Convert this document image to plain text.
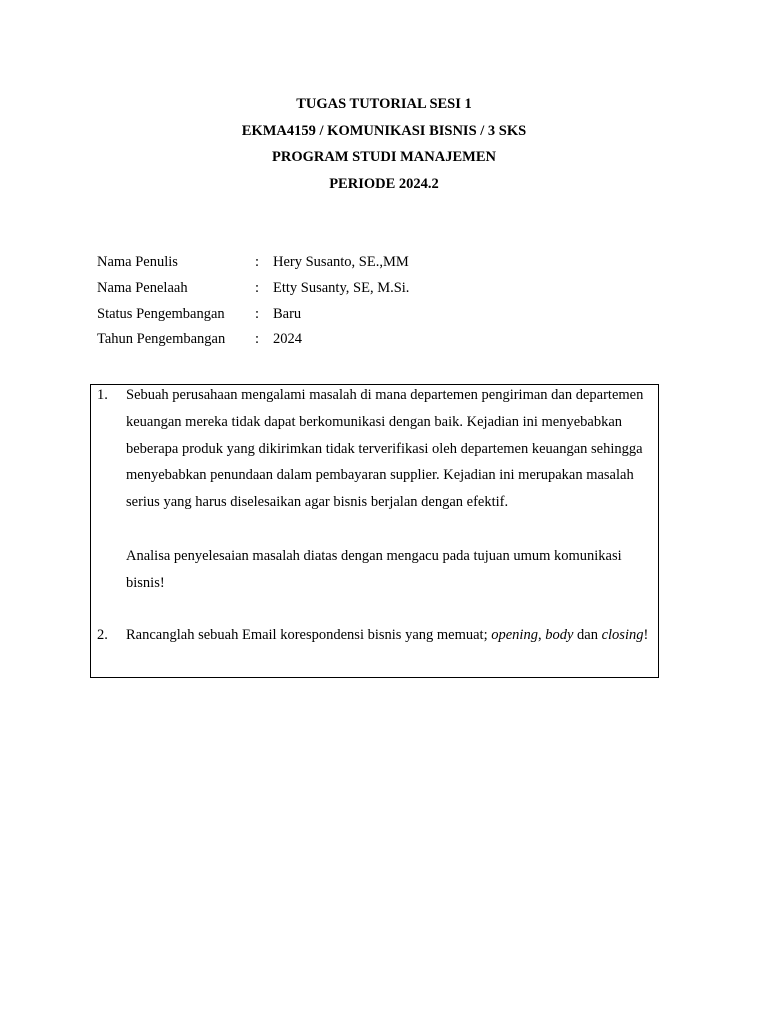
TUGAS TUTORIAL SESI 1
EKMA4159 / KOMUNIKASI BISNIS / 3 SKS
PROGRAM STUDI MANAJEMEN
PERIODE 2024.2
Nama Penulis	: Hery Susanto, SE.,MM
Nama Penelaah	: Etty Susanty, SE, M.Si.
Status Pengembangan	: Baru
Tahun Pengembangan	: 2024
1. Sebuah perusahaan mengalami masalah di mana departemen pengiriman dan departemen keuangan mereka tidak dapat berkomunikasi dengan baik. Kejadian ini menyebabkan beberapa produk yang dikirimkan tidak terverifikasi oleh departemen keuangan sehingga menyebabkan penundaan dalam pembayaran supplier. Kejadian ini merupakan masalah serius yang harus diselesaikan agar bisnis berjalan dengan efektif.

Analisa penyelesaian masalah diatas dengan mengacu pada tujuan umum komunikasi bisnis!

2. Rancanglah sebuah Email korespondensi bisnis yang memuat; opening, body dan closing!
